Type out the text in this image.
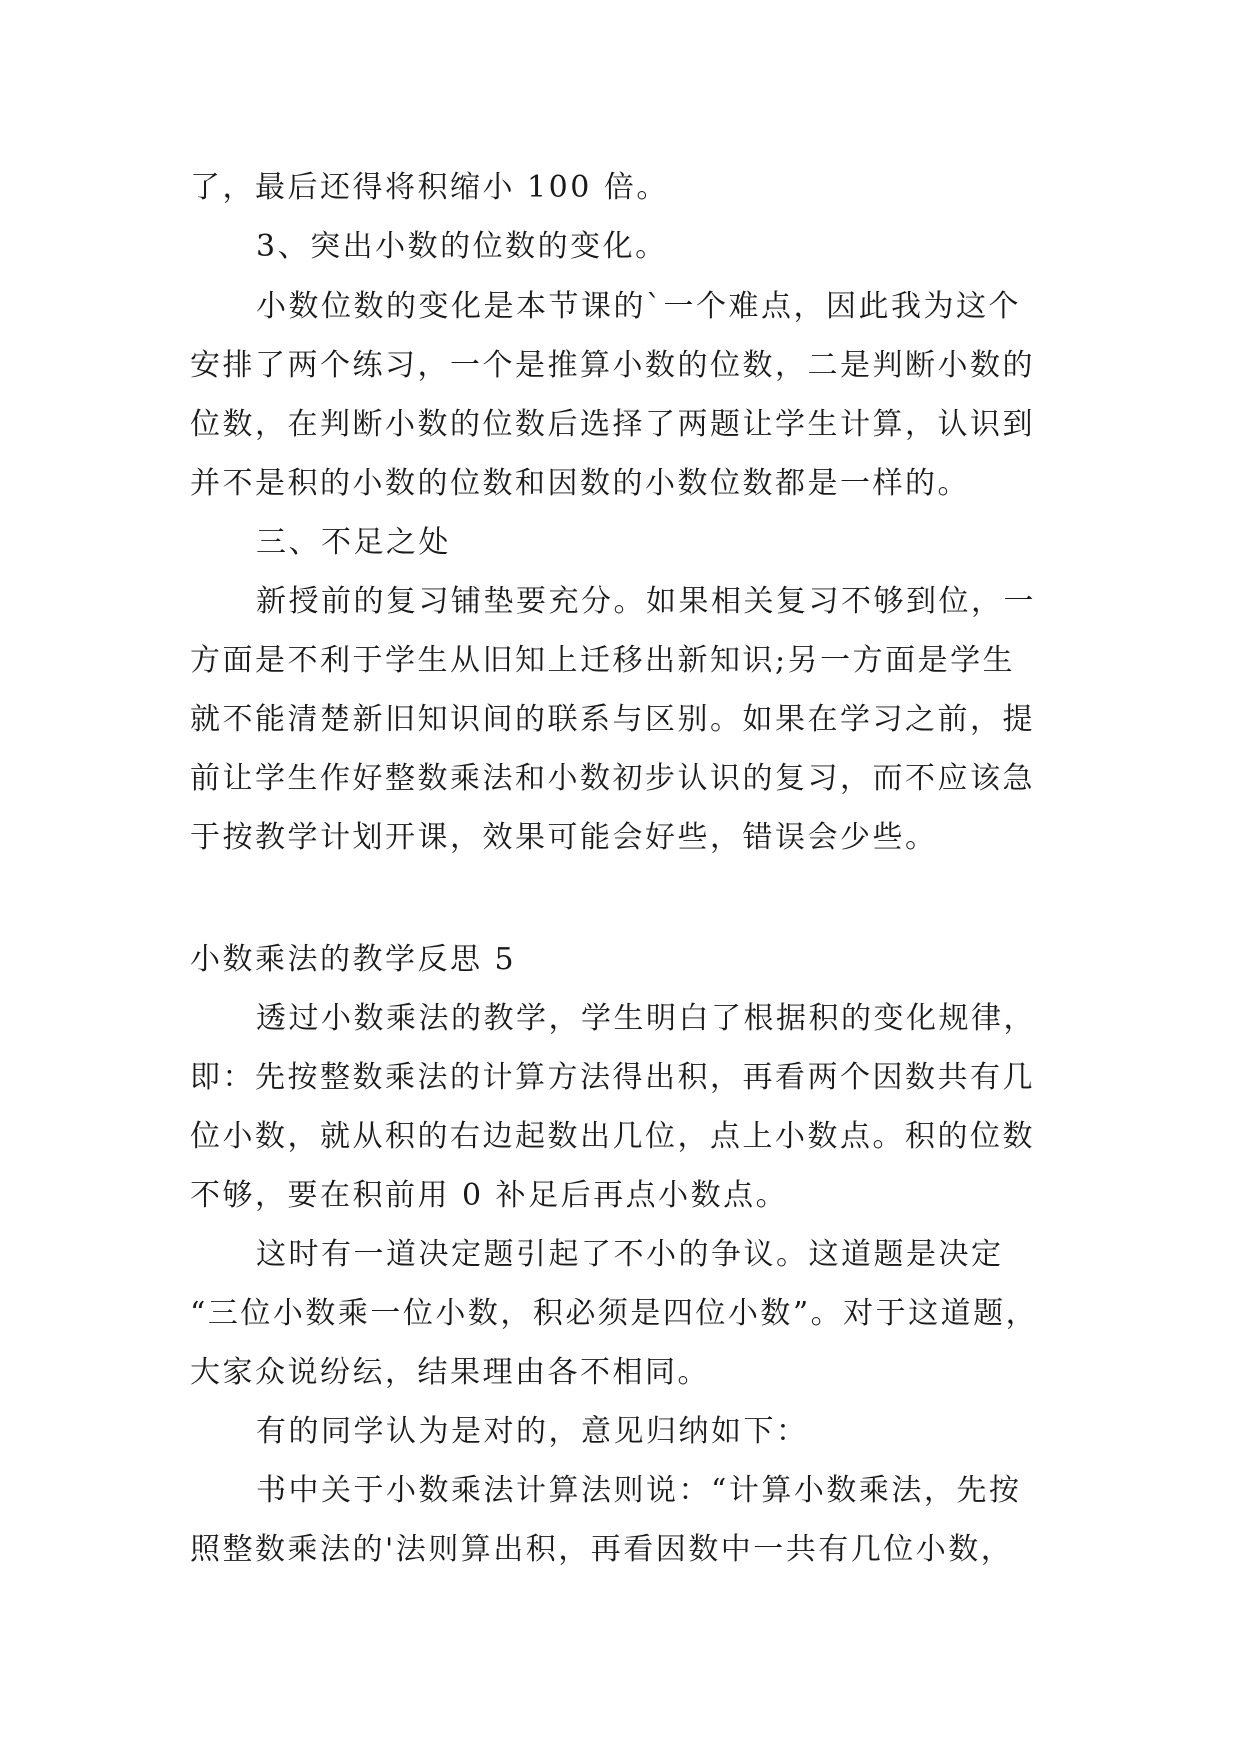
了，最后还得将积缩小 100 倍。
3、突出小数的位数的变化。
小数位数的变化是本节课的`一个难点，因此我为这个
安排了两个练习，一个是推算小数的位数，二是判断小数的
位数，在判断小数的位数后选择了两题让学生计算，认识到
并不是积的小数的位数和因数的小数位数都是一样的。
三、不足之处
新授前的复习铺垫要充分。如果相关复习不够到位，一
方面是不利于学生从旧知上迁移出新知识;另一方面是学生
就不能清楚新旧知识间的联系与区别。如果在学习之前，提
前让学生作好整数乘法和小数初步认识的复习，而不应该急
于按教学计划开课，效果可能会好些，错误会少些。
小数乘法的教学反思 5
透过小数乘法的教学，学生明白了根据积的变化规律，
即：先按整数乘法的计算方法得出积，再看两个因数共有几
位小数，就从积的右边起数出几位，点上小数点。积的位数
不够，要在积前用 0 补足后再点小数点。
这时有一道决定题引起了不小的争议。这道题是决定
“三位小数乘一位小数，积必须是四位小数”。对于这道题，
大家众说纷纭，结果理由各不相同。
有的同学认为是对的，意见归纳如下：
书中关于小数乘法计算法则说：“计算小数乘法，先按
照整数乘法的'法则算出积，再看因数中一共有几位小数，
